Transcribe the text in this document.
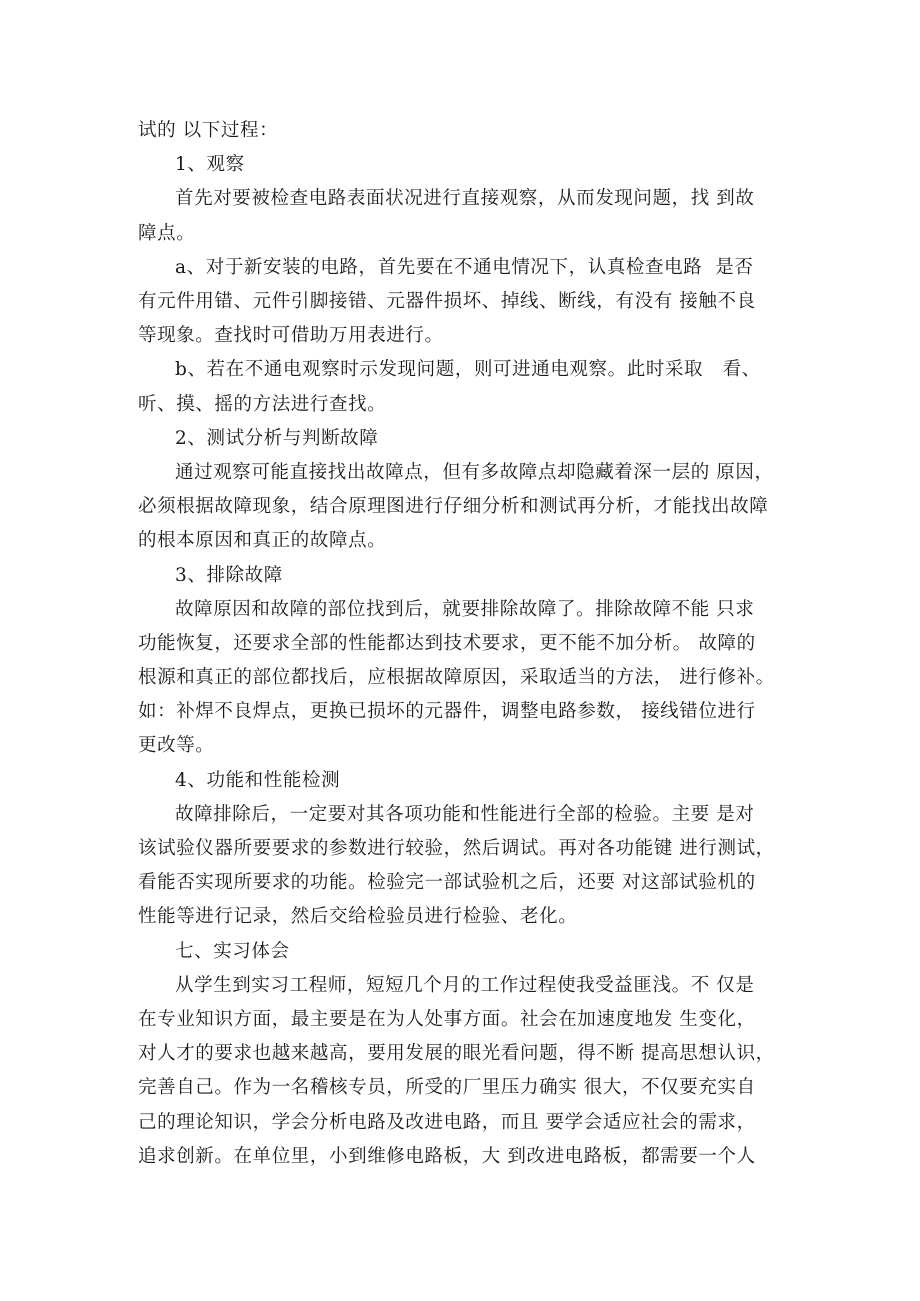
试的 以下过程：
1、观察
首先对要被检查电路表面状况进行直接观察，从而发现问题，找 到故
障点。
a、对于新安装的电路，首先要在不通电情况下，认真检查电路  是否
有元件用错、元件引脚接错、元器件损坏、掉线、断线，有没有 接触不良
等现象。查找时可借助万用表进行。
b、若在不通电观察时示发现问题，则可进通电观察。此时采取   看、
听、摸、摇的方法进行查找。
2、测试分析与判断故障
通过观察可能直接找出故障点，但有多故障点却隐藏着深一层的 原因，
必须根据故障现象，结合原理图进行仔细分析和测试再分析，才能找出故障
的根本原因和真正的故障点。
3、排除故障
故障原因和故障的部位找到后，就要排除故障了。排除故障不能 只求
功能恢复，还要求全部的性能都达到技术要求，更不能不加分析。 故障的
根源和真正的部位都找后，应根据故障原因，采取适当的方法， 进行修补。
如：补焊不良焊点，更换已损坏的元器件，调整电路参数， 接线错位进行
更改等。
4、功能和性能检测
故障排除后，一定要对其各项功能和性能进行全部的检验。主要 是对
该试验仪器所要要求的参数进行较验，然后调试。再对各功能键 进行测试，
看能否实现所要求的功能。检验完一部试验机之后，还要 对这部试验机的
性能等进行记录，然后交给检验员进行检验、老化。
七、实习体会
从学生到实习工程师，短短几个月的工作过程使我受益匪浅。不 仅是
在专业知识方面，最主要是在为人处事方面。社会在加速度地发 生变化，
对人才的要求也越来越高，要用发展的眼光看问题，得不断 提高思想认识，
完善自己。作为一名稽核专员，所受的厂里压力确实 很大，不仅要充实自
己的理论知识，学会分析电路及改进电路，而且 要学会适应社会的需求，
追求创新。在单位里，小到维修电路板，大 到改进电路板，都需要一个人
